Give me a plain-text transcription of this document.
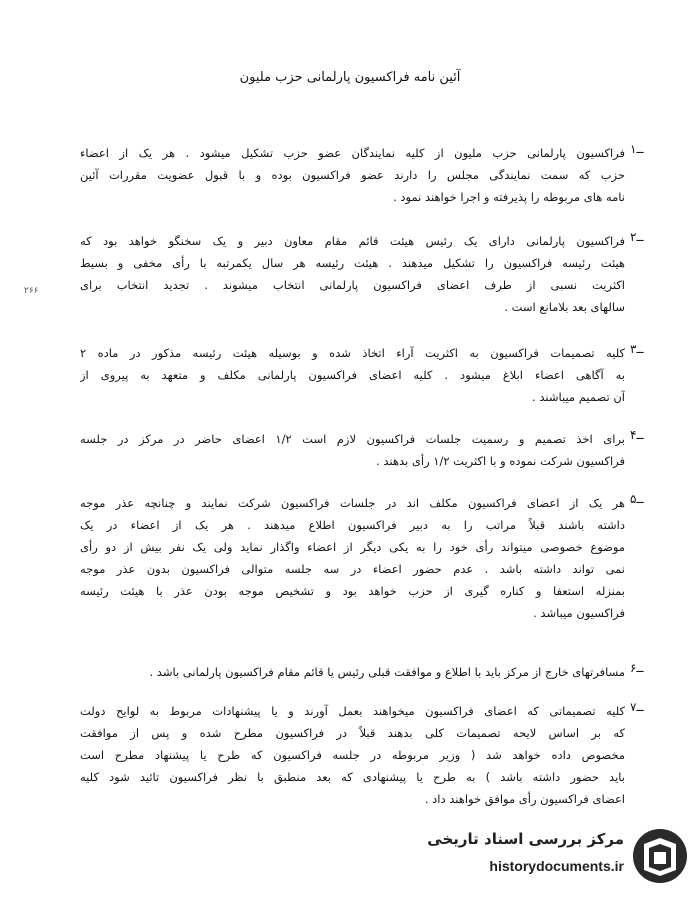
آئین نامه فراکسیون پارلمانی حزب ملیون
۱ــ
فراکسیون پارلمانی حزب ملیون از کلیه نمایندگان عضو حزب تشکیل میشود . هر یک از اعضاء
حزب که سمت نمایندگی مجلس را دارند عضو فراکسیون بوده و با قبول عضویت مقررات آئین
نامه های مربوطه را پذیرفته و اجرا خواهند نمود .
۲ــ
فراکسیون پارلمانی دارای یک رئیس هیئت قائم مقام معاون دبیر و یک سخنگو خواهد بود که
هیئت رئیسه فراکسیون را تشکیل میدهند . هیئت رئیسه هر سال یکمرتبه با رأی مخفی و بسیط
اکثریت نسبی از طرف اعضای فراکسیون پارلمانی انتخاب میشوند . تجدید انتخاب برای
سالهای بعد بلامانع است .
۳ــ
کلیه تصمیمات فراکسیون به اکثریت آراء اتخاذ شده و بوسیله هیئت رئیسه مذکور در ماده ۲
به آگاهی اعضاء ابلاغ میشود . کلیه اعضای فراکسیون پارلمانی مکلف و متعهد به پیروی از
آن تصمیم میباشند .
۴ــ
برای اخذ تصمیم و رسمیت جلسات فراکسیون لازم است ۱/۲ اعضای حاضر در مرکز در جلسه
فراکسیون شرکت نموده و با اکثریت ۱/۲ رأی بدهند .
۵ــ
هر یک از اعضای فراکسیون مکلف اند در جلسات فراکسیون شرکت نمایند و چنانچه عذر موجه
داشته باشند قبلاً مراتب را به دبیر فراکسیون اطلاع میدهند . هر یک از اعضاء در یک
موضوع خصوصی میتواند رأی خود را به یکی دیگر از اعضاء واگذار نماید ولی یک نفر بیش از دو رأی
نمی تواند داشته باشد . عدم حضور اعضاء در سه جلسه متوالی فراکسیون بدون عذر موجه
بمنزله استعفا و کناره گیری از حزب خواهد بود و تشخیص موجه بودن عذر با هیئت رئیسه
فراکسیون میباشد .
۶ــ
مسافرتهای خارج از مرکز باید با اطلاع و موافقت قبلی رئیس یا قائم مقام فراکسیون پارلمانی باشد .
۷ــ
کلیه تصمیماتی که اعضای فراکسیون میخواهند بعمل آورند و یا پیشنهادات مربوط به لوایح دولت
که بر اساس لایحه تصمیمات کلی بدهند قبلاً در فراکسیون مطرح شده و پس از موافقت
مخصوص داده خواهد شد ( وزیر مربوطه در جلسه فراکسیون که طرح یا پیشنهاد مطرح است
باید حضور داشته باشد ) به طرح یا پیشنهادی که بعد منطبق با نظر فراکسیون تائید شود کلیه
اعضای فراکسیون رأی موافق خواهند داد .
۲۶۶
مرکز بررسی اسناد تاریخی
historydocuments.ir
